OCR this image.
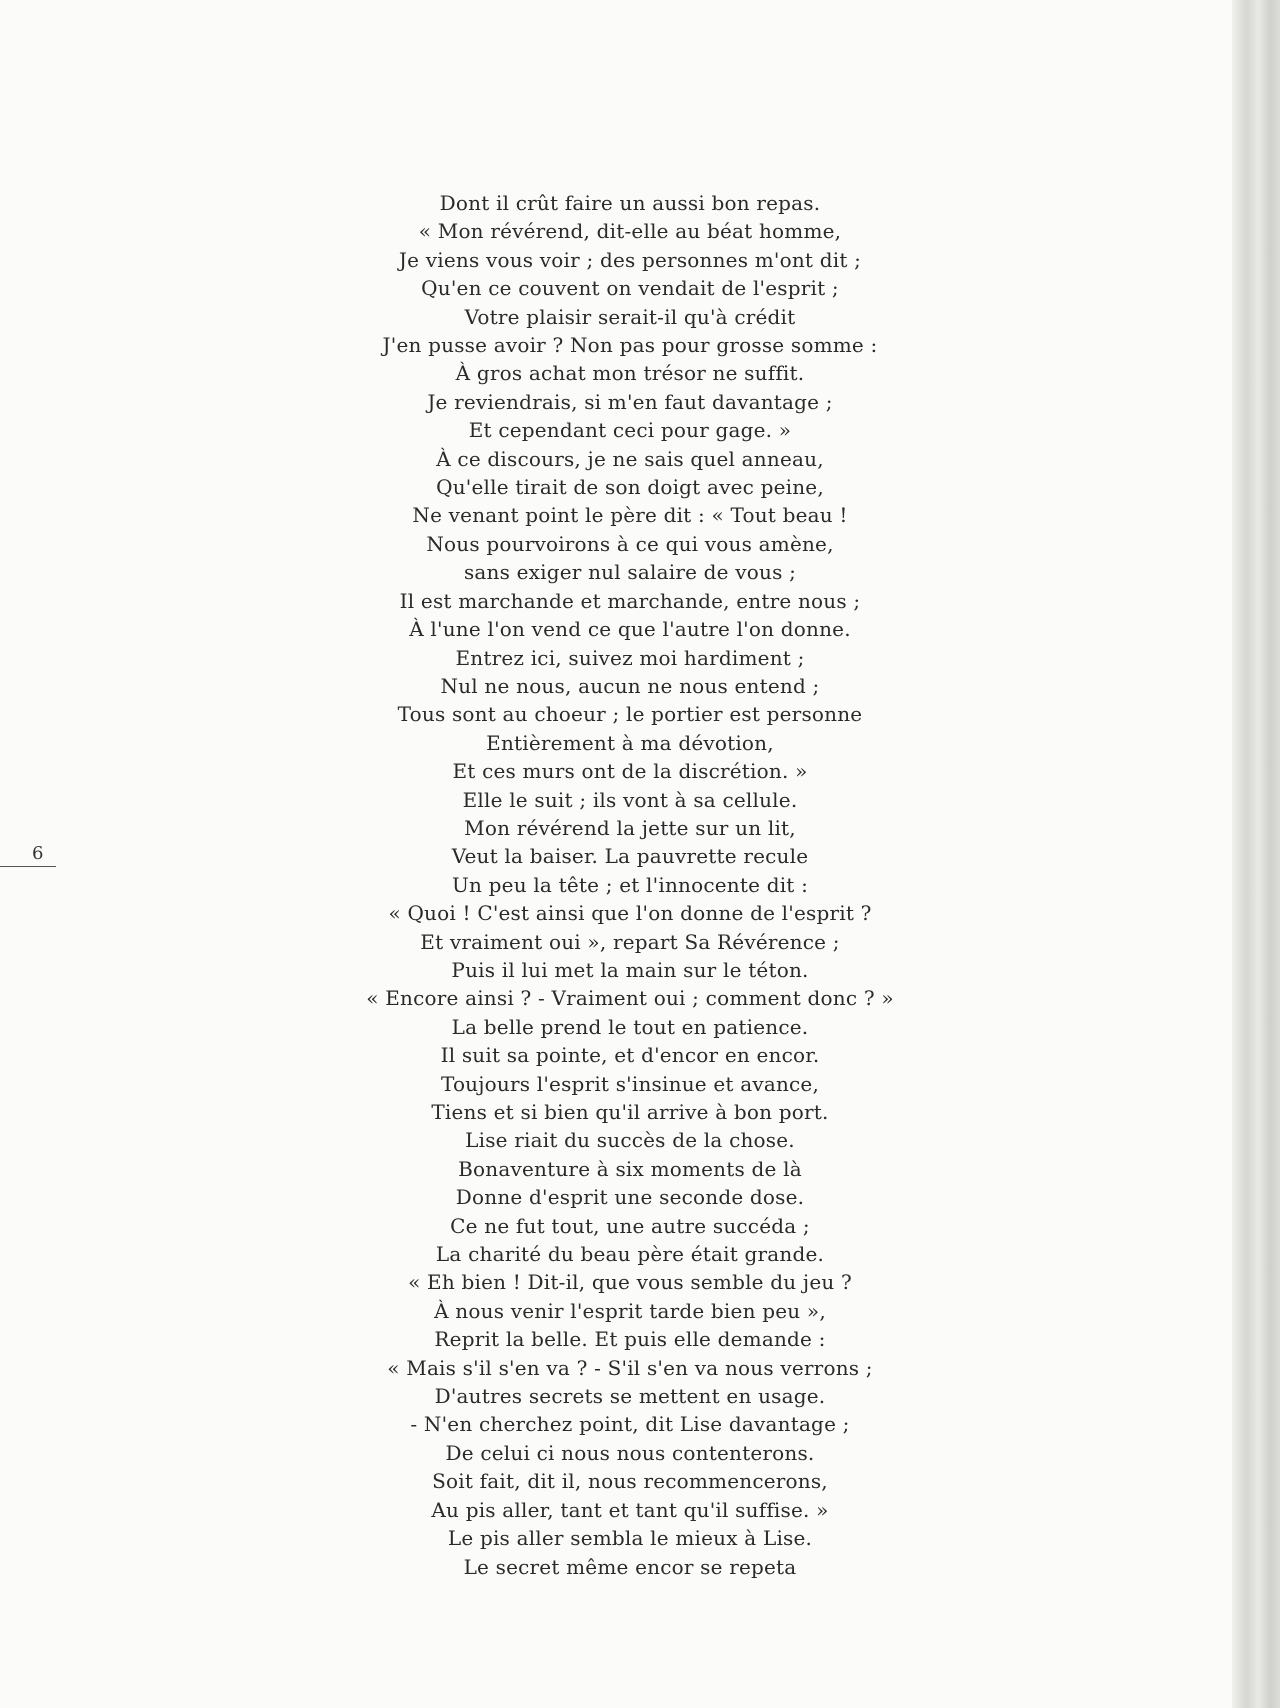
Dont il crût faire un aussi bon repas.
« Mon révérend, dit-elle au béat homme,
Je viens vous voir ; des personnes m'ont dit ;
Qu'en ce couvent on vendait de l'esprit ;
Votre plaisir serait-il qu'à crédit
J'en pusse avoir ? Non pas pour grosse somme :
À gros achat mon trésor ne suffit.
Je reviendrais, si m'en faut davantage ;
Et cependant ceci pour gage. »
À ce discours, je ne sais quel anneau,
Qu'elle tirait de son doigt avec peine,
Ne venant point le père dit : « Tout beau !
Nous pourvoirons à ce qui vous amène,
sans exiger nul salaire de vous ;
Il est marchande et marchande, entre nous ;
À l'une l'on vend ce que l'autre l'on donne.
Entrez ici, suivez moi hardiment ;
Nul ne nous, aucun ne nous entend ;
Tous sont au choeur ; le portier est personne
Entièrement à ma dévotion,
Et ces murs ont de la discrétion. »
Elle le suit ; ils vont à sa cellule.
Mon révérend la jette sur un lit,
Veut la baiser. La pauvrette recule
Un peu la tête ; et l'innocente dit :
« Quoi ! C'est ainsi que l'on donne de l'esprit ?
Et vraiment oui », repart Sa Révérence ;
Puis il lui met la main sur le téton.
« Encore ainsi ? - Vraiment oui ; comment donc ? »
La belle prend le tout en patience.
Il suit sa pointe, et d'encor en encor.
Toujours l'esprit s'insinue et avance,
Tiens et si bien qu'il arrive à bon port.
Lise riait du succès de la chose.
Bonaventure à six moments de là
Donne d'esprit une seconde dose.
Ce ne fut tout, une autre succéda ;
La charité du beau père était grande.
« Eh bien ! Dit-il, que vous semble du jeu ?
À nous venir l'esprit tarde bien peu »,
Reprit la belle. Et puis elle demande :
« Mais s'il s'en va ? - S'il s'en va nous verrons ;
D'autres secrets se mettent en usage.
- N'en cherchez point, dit Lise davantage ;
De celui ci nous nous contenterons.
Soit fait, dit il, nous recommencerons,
Au pis aller, tant et tant qu'il suffise. »
Le pis aller sembla le mieux à Lise.
Le secret même encor se repeta
6
